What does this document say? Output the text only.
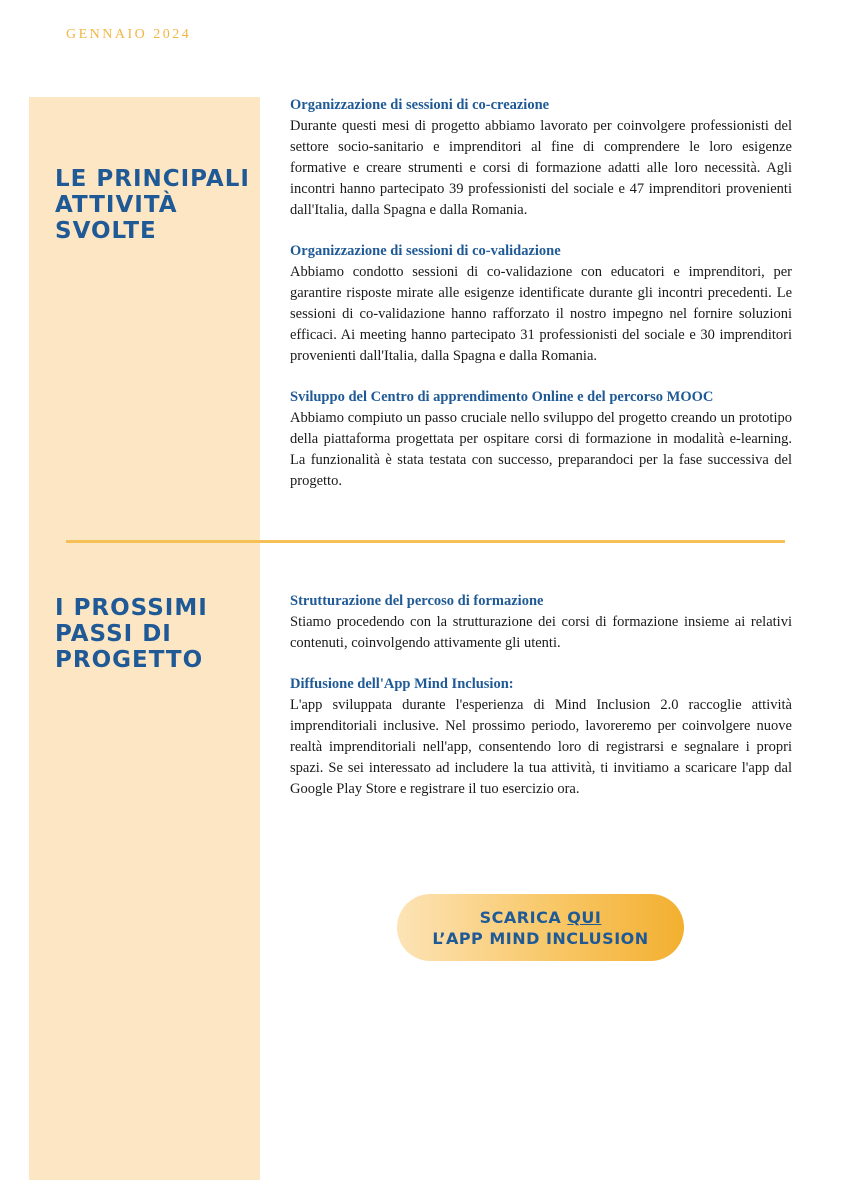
GENNAIO 2024
LE PRINCIPALI
ATTIVITÀ
SVOLTE

Organizzazione di sessioni di co-creazione

Durante questi mesi di progetto abbiamo lavorato per coinvolgere professionisti del settore socio-sanitario e imprenditori al fine di comprendere le loro esigenze formative e creare strumenti e corsi di formazione adatti alle loro necessità. Agli incontri hanno partecipato 39 professionisti del sociale e 47 imprenditori provenienti dall'Italia, dalla Spagna e dalla Romania.

Organizzazione di sessioni di co-validazione

Abbiamo condotto sessioni di co-validazione con educatori e imprenditori, per garantire risposte mirate alle esigenze identificate durante gli incontri precedenti. Le sessioni di co-validazione hanno rafforzato il nostro impegno nel fornire soluzioni efficaci. Ai meeting hanno partecipato 31 professionisti del sociale e 30 imprenditori provenienti dall'Italia, dalla Spagna e dalla Romania.

Sviluppo del Centro di apprendimento Online e del percorso MOOC

Abbiamo compiuto un passo cruciale nello sviluppo del progetto creando un prototipo della piattaforma progettata per ospitare corsi di formazione in modalità e-learning. La funzionalità è stata testata con successo, preparandoci per la fase successiva del progetto.

I PROSSIMI
PASSI DI
PROGETTO

Strutturazione del percoso di formazione

Stiamo procedendo con la strutturazione dei corsi di formazione insieme ai relativi contenuti, coinvolgendo attivamente gli utenti.

Diffusione dell'App Mind Inclusion:

L'app sviluppata durante l'esperienza di Mind Inclusion 2.0 raccoglie attività imprenditoriali inclusive. Nel prossimo periodo, lavoreremo per coinvolgere nuove realtà imprenditoriali nell'app, consentendo loro di registrarsi e segnalare i propri spazi. Se sei interessato ad includere la tua attività, ti invitiamo a scaricare l'app dal Google Play Store e registrare il tuo esercizio ora.

SCARICA QUI
L’APP MIND INCLUSION
